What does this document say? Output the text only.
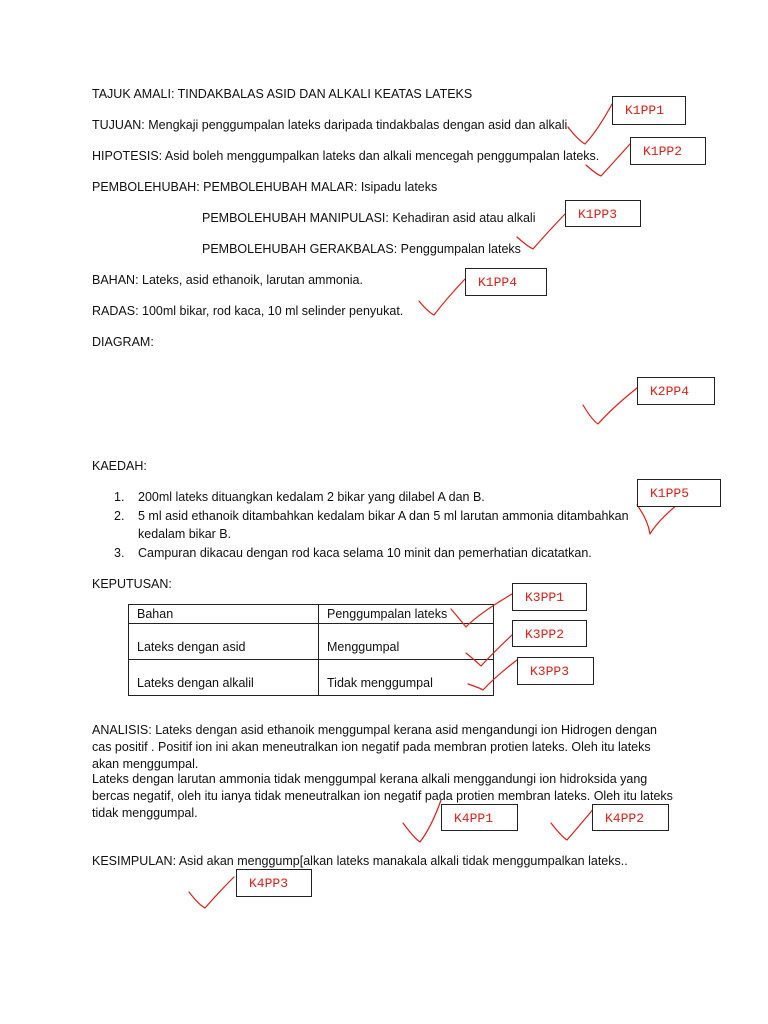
TAJUK AMALI: TINDAKBALAS ASID DAN ALKALI KEATAS LATEKS
TUJUAN: Mengkaji penggumpalan lateks daripada tindakbalas dengan asid dan alkali.
HIPOTESIS: Asid boleh menggumpalkan lateks dan alkali mencegah penggumpalan lateks.
PEMBOLEHUBAH: PEMBOLEHUBAH MALAR: Isipadu lateks
PEMBOLEHUBAH MANIPULASI: Kehadiran asid atau alkali
PEMBOLEHUBAH GERAKBALAS: Penggumpalan lateks
BAHAN: Lateks, asid ethanoik, larutan ammonia.
RADAS: 100ml bikar, rod kaca, 10 ml selinder penyukat.
DIAGRAM:
KAEDAH:
1. 200ml lateks dituangkan kedalam 2 bikar yang dilabel A dan B.
2. 5 ml asid ethanoik ditambahkan kedalam bikar A dan 5 ml larutan ammonia ditambahkan
kedalam bikar B.
3. Campuran dikacau dengan rod kaca selama 10 minit dan pemerhatian dicatatkan.
KEPUTUSAN:
Bahan	Penggumpalan lateks
Lateks dengan asid	Menggumpal
Lateks dengan alkalil	Tidak menggumpal
ANALISIS: Lateks dengan asid ethanoik menggumpal kerana asid mengandungi ion Hidrogen dengan cas positif . Positif ion ini akan meneutralkan ion negatif pada membran protien lateks. Oleh itu lateks akan menggumpal.
Lateks dengan larutan ammonia tidak menggumpal kerana alkali menggandungi ion hidroksida yang bercas negatif, oleh itu ianya tidak meneutralkan ion negatif pada protien membran lateks. Oleh itu lateks tidak menggumpal.
KESIMPULAN: Asid akan menggump[alkan lateks manakala alkali tidak menggumpalkan lateks..
K1PP1
K1PP2
K1PP3
K1PP4
K2PP4
K1PP5
K3PP1
K3PP2
K3PP3
K4PP1	K4PP2
K4PP3
